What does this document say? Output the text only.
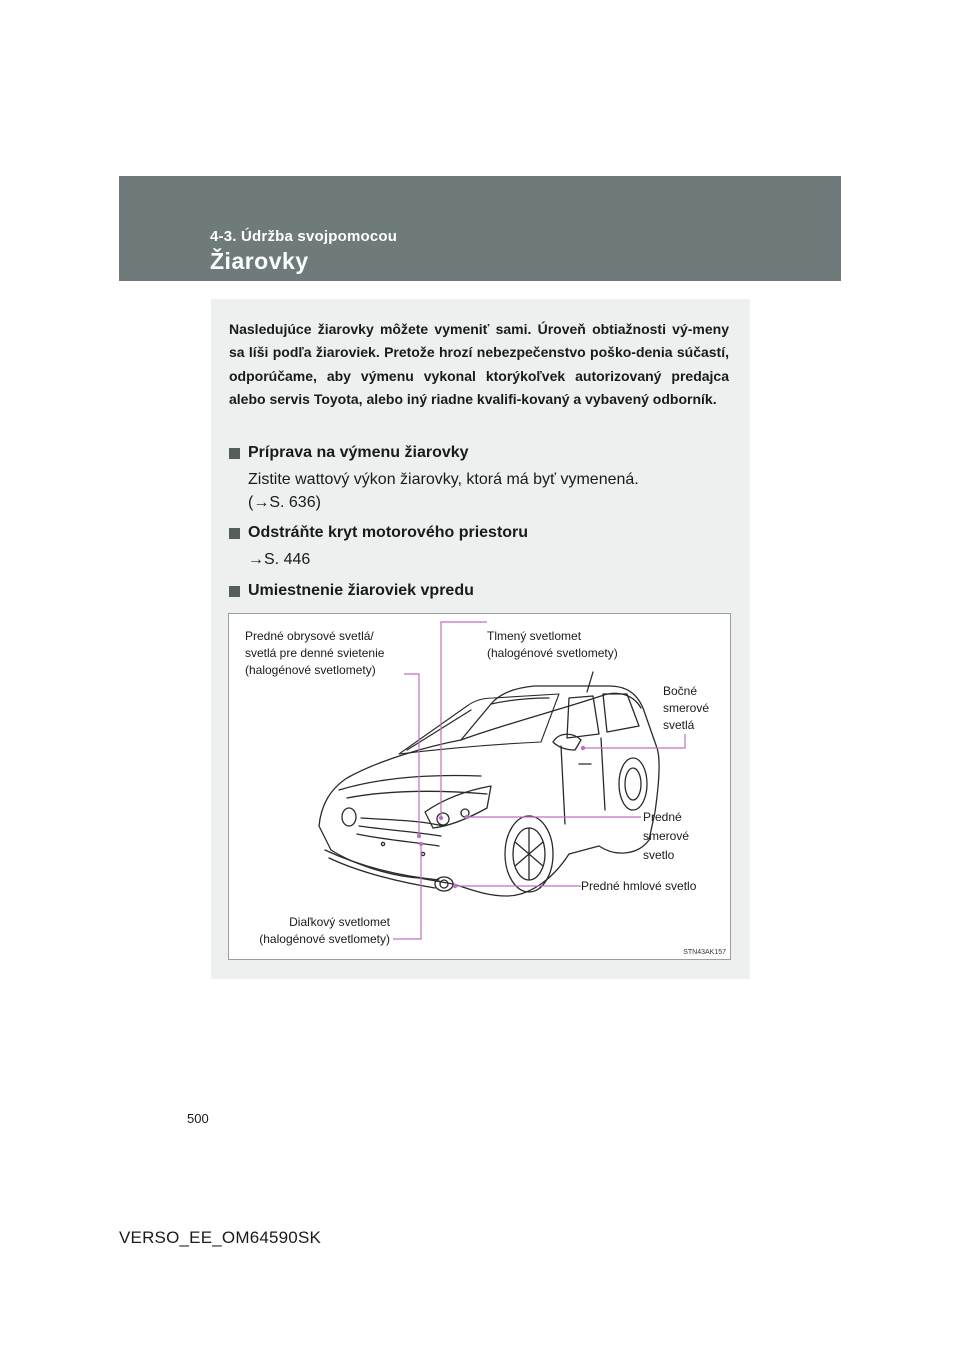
4-3. Údržba svojpomocou
Žiarovky

Nasledujúce žiarovky môžete vymeniť sami. Úroveň obtiažnosti vý-meny sa líši podľa žiaroviek. Pretože hrozí nebezpečenstvo poško-denia súčastí, odporúčame, aby výmenu vykonal ktorýkoľvek autorizovaný predajca alebo servis Toyota, alebo iný riadne kvalifi-kovaný a vybavený odborník.

Príprava na výmenu žiarovky
Zistite wattový výkon žiarovky, ktorá má byť vymenená.
(→S. 636)
Odstráňte kryt motorového priestoru
→S. 446
Umiestnenie žiaroviek vpredu
Predné obrysové svetlá/
svetlá pre denné svietenie
(halogénové svetlomety)
Tlmený svetlomet
(halogénové svetlomety)
Bočné
smerové
svetlá
Predné
smerové
svetlo
Predné hmlové svetlo
Diaľkový svetlomet
(halogénové svetlomety)
STN43AK157
500
VERSO_EE_OM64590SK
